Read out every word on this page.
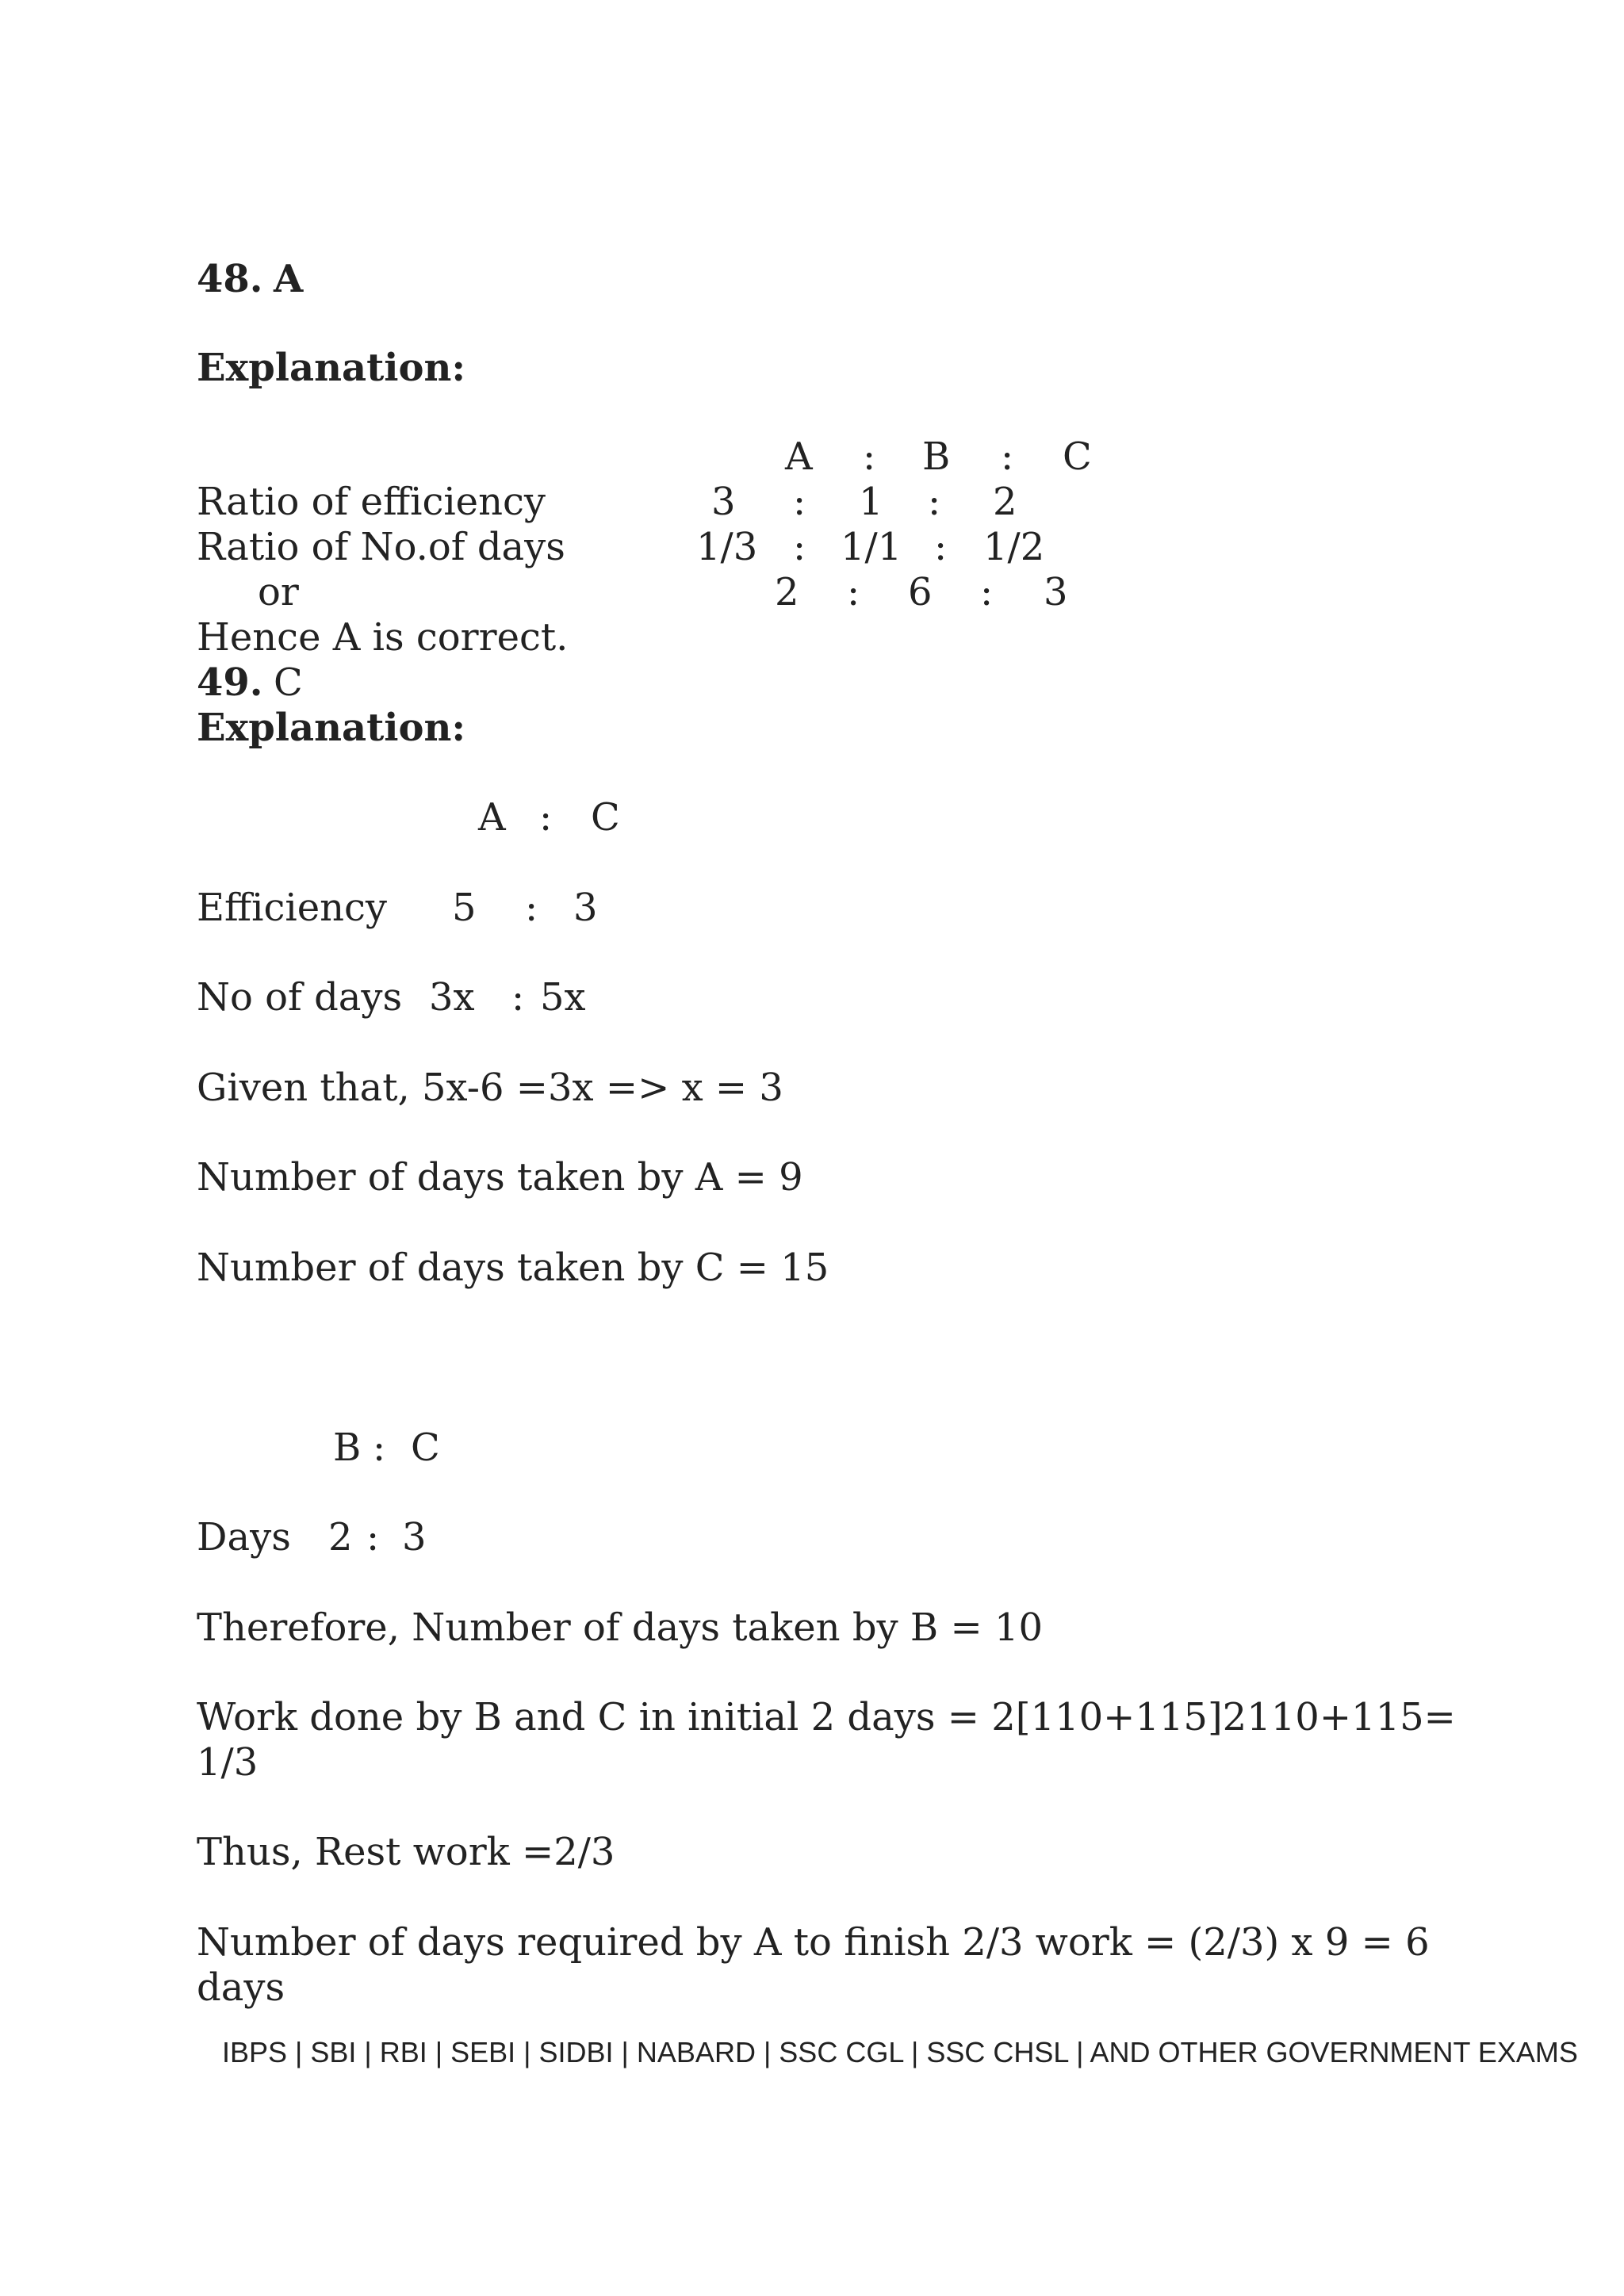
48. A
Explanation:
A : B : C
Ratio of efficiency	3 : 1 : 2
Ratio of No.of days	1/3 : 1/1 : 1/2
or	2 : 6 : 3
Hence A is correct.
49. C
Explanation:
A : C
Efficiency 5 : 3
No of days 3x : 5x
Given that, 5x-6 =3x => x = 3
Number of days taken by A = 9
Number of days taken by C = 15
B : C
Days 2 : 3
Therefore, Number of days taken by B = 10
Work done by B and C in initial 2 days = 2[110+115]2110+115=
1/3
Thus, Rest work =2/3
Number of days required by A to finish 2/3 work = (2/3) x 9 = 6
days
IBPS | SBI | RBI | SEBI | SIDBI | NABARD | SSC CGL | SSC CHSL | AND OTHER GOVERNMENT EXAMS
